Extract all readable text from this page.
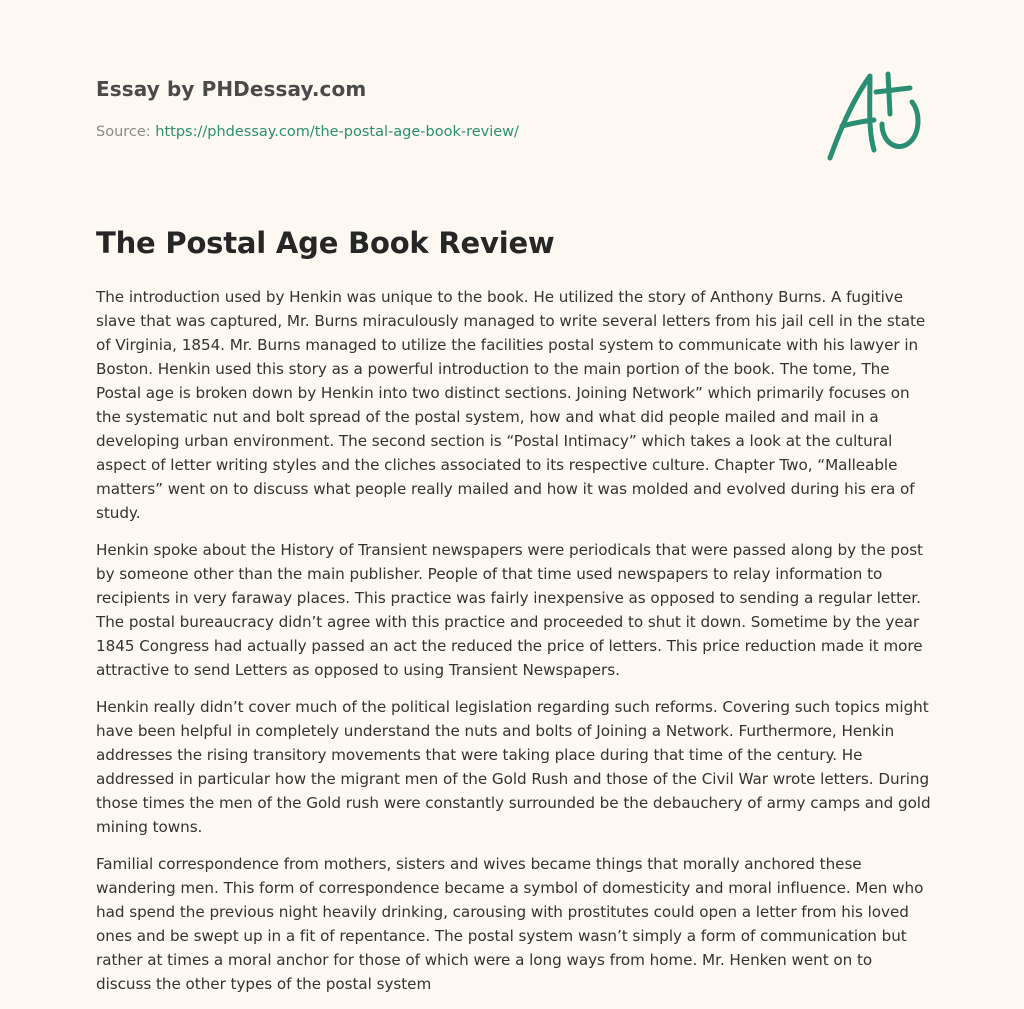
Essay by PHDessay.com
Source: https://phdessay.com/the-postal-age-book-review/
The Postal Age Book Review

The introduction used by Henkin was unique to the book. He utilized the story of Anthony Burns. A fugitive slave that was captured, Mr. Burns miraculously managed to write several letters from his jail cell in the state of Virginia, 1854. Mr. Burns managed to utilize the facilities postal system to communicate with his lawyer in Boston. Henkin used this story as a powerful introduction to the main portion of the book. The tome, The Postal age is broken down by Henkin into two distinct sections. Joining Network” which primarily focuses on the systematic nut and bolt spread of the postal system, how and what did people mailed and mail in a developing urban environment. The second section is “Postal Intimacy” which takes a look at the cultural aspect of letter writing styles and the cliches associated to its respective culture. Chapter Two, “Malleable matters” went on to discuss what people really mailed and how it was molded and evolved during his era of study.

Henkin spoke about the History of Transient newspapers were periodicals that were passed along by the post by someone other than the main publisher. People of that time used newspapers to relay information to recipients in very faraway places. This practice was fairly inexpensive as opposed to sending a regular letter. The postal bureaucracy didn’t agree with this practice and proceeded to shut it down. Sometime by the year 1845 Congress had actually passed an act the reduced the price of letters. This price reduction made it more attractive to send Letters as opposed to using Transient Newspapers.

Henkin really didn’t cover much of the political legislation regarding such reforms. Covering such topics might have been helpful in completely understand the nuts and bolts of Joining a Network. Furthermore, Henkin addresses the rising transitory movements that were taking place during that time of the century. He addressed in particular how the migrant men of the Gold Rush and those of the Civil War wrote letters. During those times the men of the Gold rush were constantly surrounded be the debauchery of army camps and gold mining towns.

Familial correspondence from mothers, sisters and wives became things that morally anchored these wandering men. This form of correspondence became a symbol of domesticity and moral influence. Men who had spend the previous night heavily drinking, carousing with prostitutes could open a letter from his loved ones and be swept up in a fit of repentance. The postal system wasn’t simply a form of communication but rather at times a moral anchor for those of which were a long ways from home. Mr. Henken went on to discuss the other types of the postal system
